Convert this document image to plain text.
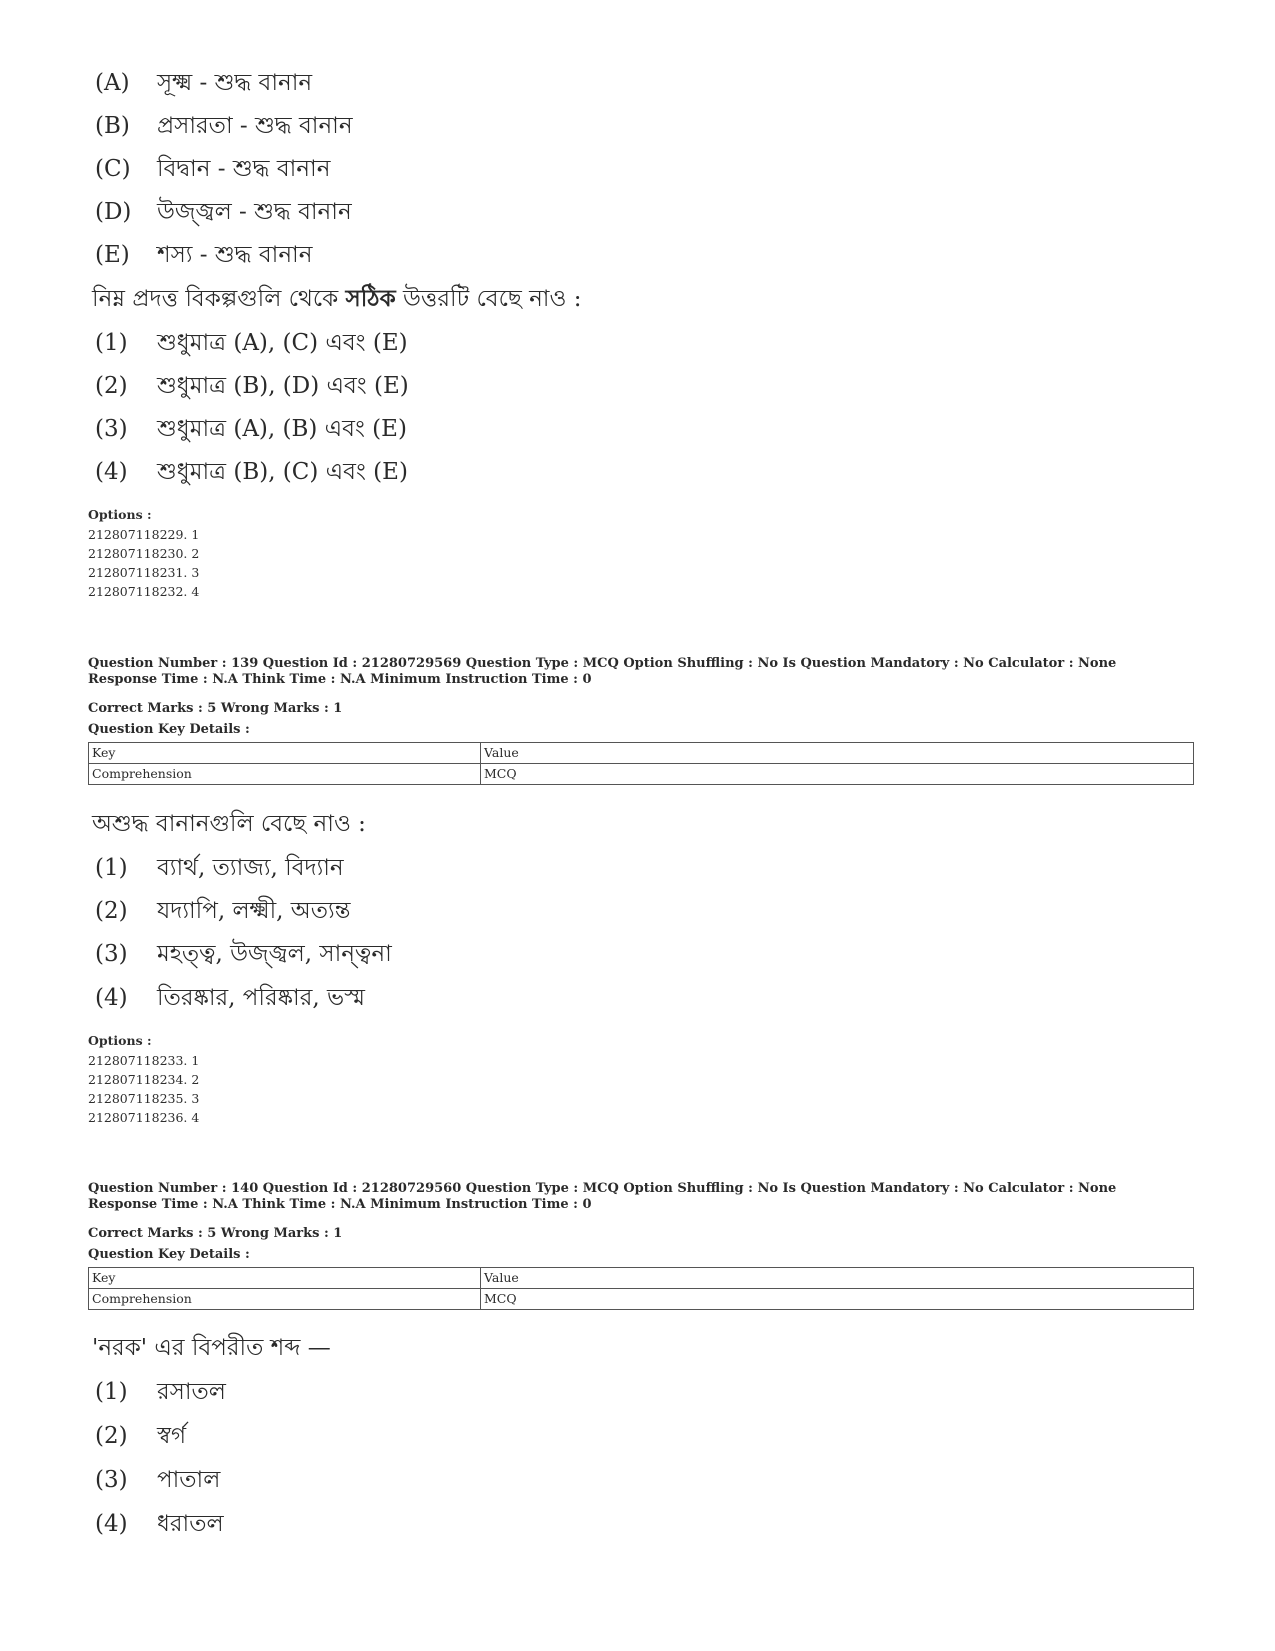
(A) সূক্ষ্ম - শুদ্ধ বানান
(B) প্রসারতা - শুদ্ধ বানান
(C) বিদ্বান - শুদ্ধ বানান
(D) উজ্জ্বল - শুদ্ধ বানান
(E) শস্য - শুদ্ধ বানান
নিম্ন প্রদত্ত বিকল্পগুলি থেকে সঠিক উত্তরটি বেছে নাও :
(1) শুধুমাত্র (A), (C) এবং (E)
(2) শুধুমাত্র (B), (D) এবং (E)
(3) শুধুমাত্র (A), (B) এবং (E)
(4) শুধুমাত্র (B), (C) এবং (E)
Options :
212807118229. 1
212807118230. 2
212807118231. 3
212807118232. 4
Question Number : 139 Question Id : 21280729569 Question Type : MCQ Option Shuffling : No Is Question Mandatory : No Calculator : None
Response Time : N.A Think Time : N.A Minimum Instruction Time : 0
Correct Marks : 5 Wrong Marks : 1
Question Key Details :
Key	Value
Comprehension	MCQ
অশুদ্ধ বানানগুলি বেছে নাও :
(1) ব্যার্থ, ত্যাজ্য, বিদ্যান
(2) যদ্যাপি, লক্ষ্মী, অত্যন্ত
(3) মহত্ত্ব, উজ্জ্বল, সান্ত্বনা
(4) তিরষ্কার, পরিষ্কার, ভস্ম
Options :
212807118233. 1
212807118234. 2
212807118235. 3
212807118236. 4
Question Number : 140 Question Id : 21280729560 Question Type : MCQ Option Shuffling : No Is Question Mandatory : No Calculator : None
Response Time : N.A Think Time : N.A Minimum Instruction Time : 0
Correct Marks : 5 Wrong Marks : 1
Question Key Details :
Key	Value
Comprehension	MCQ
'নরক' এর বিপরীত শব্দ —
(1) রসাতল
(2) স্বর্গ
(3) পাতাল
(4) ধরাতল
